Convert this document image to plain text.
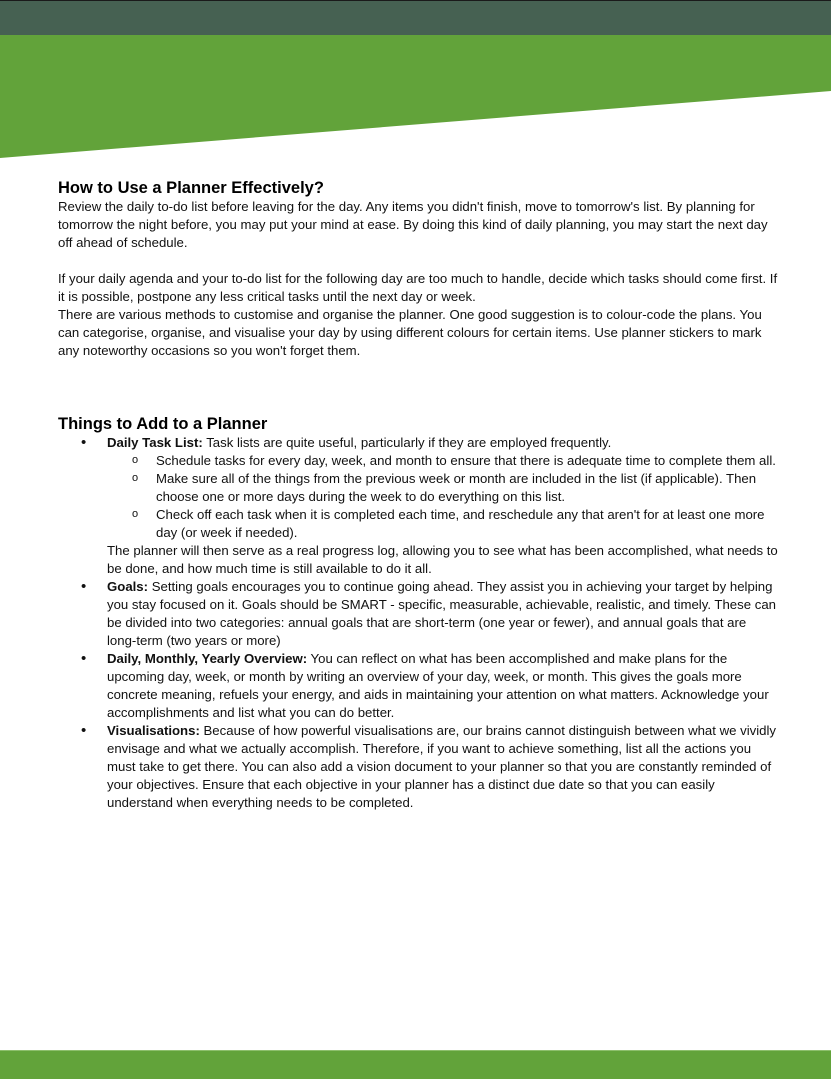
How to Use a Planner Effectively?

Review the daily to-do list before leaving for the day. Any items you didn't finish, move to tomorrow's list. By planning for tomorrow the night before, you may put your mind at ease. By doing this kind of daily planning, you may start the next day off ahead of schedule.

If your daily agenda and your to-do list for the following day are too much to handle, decide which tasks should come first. If it is possible, postpone any less critical tasks until the next day or week.

There are various methods to customise and organise the planner. One good suggestion is to colour-code the plans. You can categorise, organise, and visualise your day by using different colours for certain items. Use planner stickers to mark any noteworthy occasions so you won't forget them.

Things to Add to a Planner
• Daily Task List: Task lists are quite useful, particularly if they are employed frequently.
o Schedule tasks for every day, week, and month to ensure that there is adequate time to complete them all.
o Make sure all of the things from the previous week or month are included in the list (if applicable). Then choose one or more days during the week to do everything on this list.
o Check off each task when it is completed each time, and reschedule any that aren't for at least one more day (or week if needed).

The planner will then serve as a real progress log, allowing you to see what has been accomplished, what needs to be done, and how much time is still available to do it all.

• Goals: Setting goals encourages you to continue going ahead. They assist you in achieving your target by helping you stay focused on it. Goals should be SMART - specific, measurable, achievable, realistic, and timely. These can be divided into two categories: annual goals that are short-term (one year or fewer), and annual goals that are long-term (two years or more)
• Daily, Monthly, Yearly Overview: You can reflect on what has been accomplished and make plans for the upcoming day, week, or month by writing an overview of your day, week, or month. This gives the goals more concrete meaning, refuels your energy, and aids in maintaining your attention on what matters. Acknowledge your accomplishments and list what you can do better.
• Visualisations: Because of how powerful visualisations are, our brains cannot distinguish between what we vividly envisage and what we actually accomplish. Therefore, if you want to achieve something, list all the actions you must take to get there. You can also add a vision document to your planner so that you are constantly reminded of your objectives. Ensure that each objective in your planner has a distinct due date so that you can easily understand when everything needs to be completed.
